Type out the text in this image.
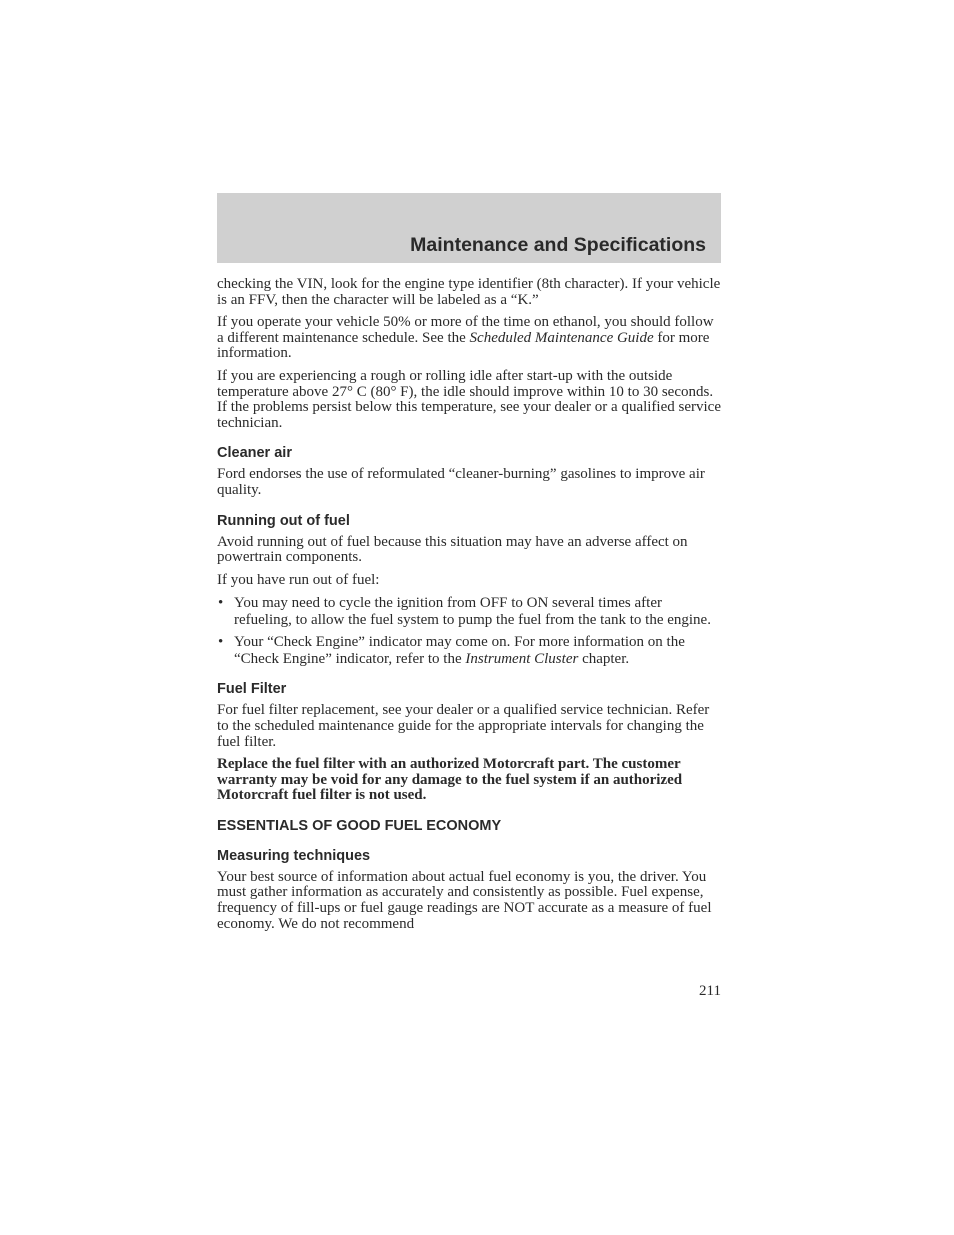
Maintenance and Specifications

checking the VIN, look for the engine type identifier (8th character). If your vehicle is an FFV, then the character will be labeled as a “K.”

If you operate your vehicle 50% or more of the time on ethanol, you should follow a different maintenance schedule. See the Scheduled Maintenance Guide for more information.

If you are experiencing a rough or rolling idle after start-up with the outside temperature above 27° C (80° F), the idle should improve within 10 to 30 seconds. If the problems persist below this temperature, see your dealer or a qualified service technician.

Cleaner air

Ford endorses the use of reformulated “cleaner-burning” gasolines to improve air quality.

Running out of fuel

Avoid running out of fuel because this situation may have an adverse affect on powertrain components.

If you have run out of fuel:

• You may need to cycle the ignition from OFF to ON several times after refueling, to allow the fuel system to pump the fuel from the tank to the engine.
• Your “Check Engine” indicator may come on. For more information on the “Check Engine” indicator, refer to the Instrument Cluster chapter.
Fuel Filter

For fuel filter replacement, see your dealer or a qualified service technician. Refer to the scheduled maintenance guide for the appropriate intervals for changing the fuel filter.

Replace the fuel filter with an authorized Motorcraft part. The customer warranty may be void for any damage to the fuel system if an authorized Motorcraft fuel filter is not used.

ESSENTIALS OF GOOD FUEL ECONOMY
Measuring techniques

Your best source of information about actual fuel economy is you, the driver. You must gather information as accurately and consistently as possible. Fuel expense, frequency of fill-ups or fuel gauge readings are NOT accurate as a measure of fuel economy. We do not recommend

211
